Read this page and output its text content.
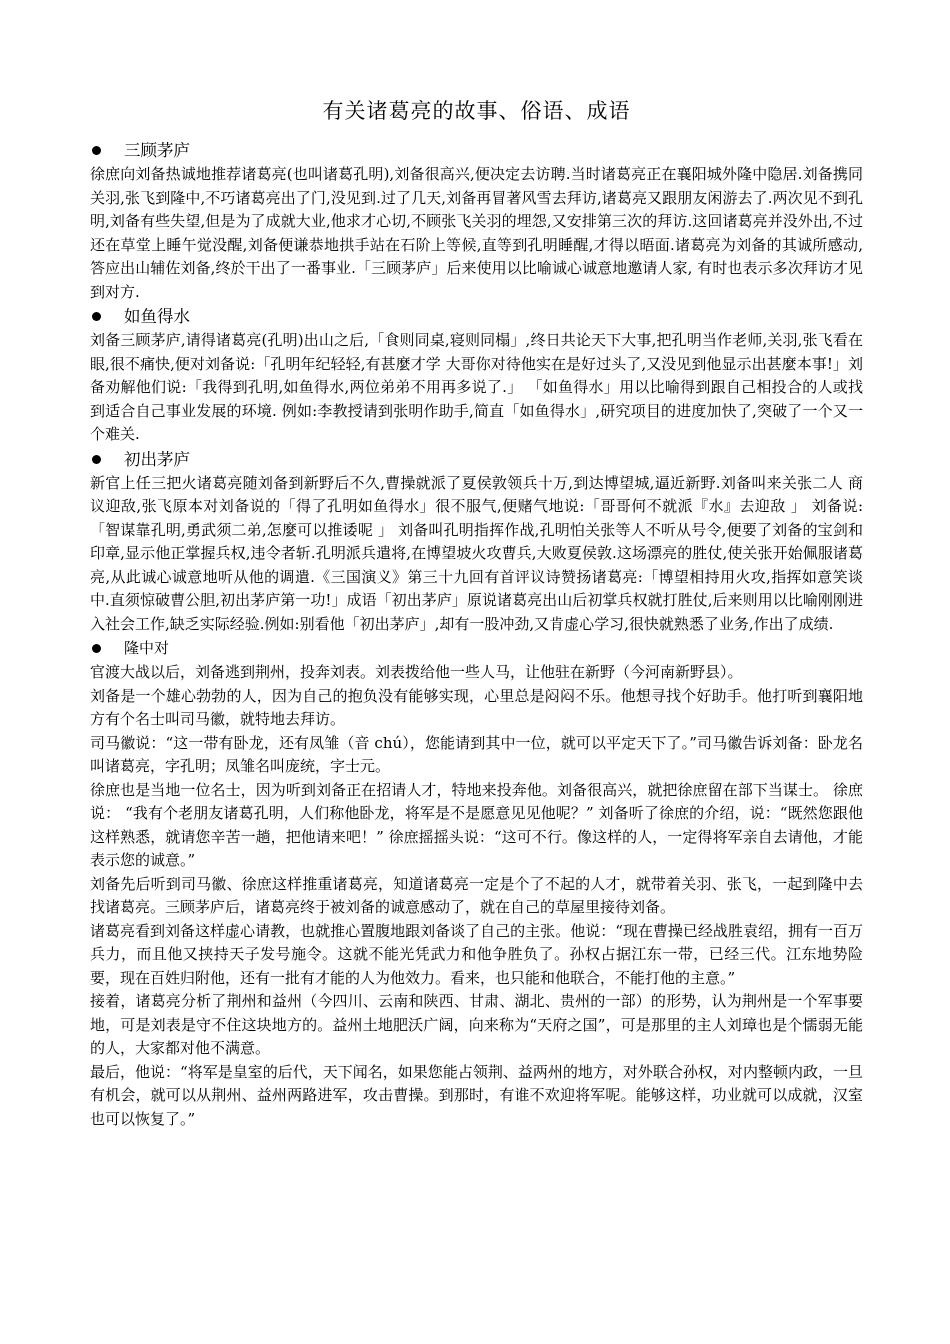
有关诸葛亮的故事、俗语、成语
三顾茅庐

徐庶向刘备热诚地推荐诸葛亮(也叫诸葛孔明),刘备很高兴,便决定去访聘.当时诸葛亮正在襄阳城外隆中隐居.刘备携同关羽,张飞到隆中,不巧诸葛亮出了门,没见到.过了几天,刘备再冒著风雪去拜访,诸葛亮又跟朋友闲游去了.两次见不到孔明,刘备有些失望,但是为了成就大业,他求才心切,不顾张飞关羽的埋怨,又安排第三次的拜访.这回诸葛亮并没外出,不过还在草堂上睡午觉没醒,刘备便谦恭地拱手站在石阶上等候,直等到孔明睡醒,才得以晤面.诸葛亮为刘备的其诚所感动,答应出山辅佐刘备,终於干出了一番事业.「三顾茅庐」后来使用以比喻诚心诚意地邀请人家, 有时也表示多次拜访才见到对方.

如鱼得水

刘备三顾茅庐,请得诸葛亮(孔明)出山之后,「食则同桌,寝则同榻」,终日共论天下大事,把孔明当作老师,关羽,张飞看在眼,很不痛快,便对刘备说:「孔明年纪轻轻,有甚麼才学 大哥你对待他实在是好过头了,又没见到他显示出甚麼本事!」刘备劝解他们说:「我得到孔明,如鱼得水,两位弟弟不用再多说了.」 「如鱼得水」用以比喻得到跟自己相投合的人或找到适合自己事业发展的环境. 例如:李教授请到张明作助手,简直「如鱼得水」,研究项目的进度加快了,突破了一个又一个难关.

初出茅庐

新官上任三把火诸葛亮随刘备到新野后不久,曹操就派了夏侯敦领兵十万,到达博望城,逼近新野.刘备叫来关张二人 商议迎敌,张飞原本对刘备说的「得了孔明如鱼得水」很不服气,便赌气地说:「哥哥何不就派『水』去迎敌 」 刘备说:「智谋靠孔明,勇武须二弟,怎麼可以推诿呢 」 刘备叫孔明指挥作战,孔明怕关张等人不听从号令,便要了刘备的宝剑和印章,显示他正掌握兵权,违令者斩.孔明派兵遣将,在博望坡火攻曹兵,大败夏侯敦.这场漂亮的胜仗,使关张开始佩服诸葛亮,从此诚心诚意地听从他的调遣.《三国演义》第三十九回有首评议诗赞扬诸葛亮:「博望相持用火攻,指挥如意笑谈中.直须惊破曹公胆,初出茅庐第一功!」成语「初出茅庐」原说诸葛亮出山后初掌兵权就打胜仗,后来则用以比喻刚刚进入社会工作,缺乏实际经验.例如:别看他「初出茅庐」,却有一股冲劲,又肯虚心学习,很快就熟悉了业务,作出了成绩.

隆中对

官渡大战以后，刘备逃到荆州，投奔刘表。刘表拨给他一些人马，让他驻在新野（今河南新野县）。

刘备是一个雄心勃勃的人，因为自己的抱负没有能够实现，心里总是闷闷不乐。他想寻找个好助手。他打听到襄阳地方有个名士叫司马徽，就特地去拜访。

司马徽说：“这一带有卧龙，还有凤雏（音 chú），您能请到其中一位，就可以平定天下了。”司马徽告诉刘备：卧龙名叫诸葛亮，字孔明；凤雏名叫庞统，字士元。

徐庶也是当地一位名士，因为听到刘备正在招请人才，特地来投奔他。刘备很高兴，就把徐庶留在部下当谋士。 徐庶说： “我有个老朋友诸葛孔明，人们称他卧龙，将军是不是愿意见见他呢？” 刘备听了徐庶的介绍，说：“既然您跟他这样熟悉，就请您辛苦一趟，把他请来吧！” 徐庶摇摇头说：“这可不行。像这样的人，一定得将军亲自去请他，才能表示您的诚意。”

刘备先后听到司马徽、徐庶这样推重诸葛亮，知道诸葛亮一定是个了不起的人才，就带着关羽、张飞，一起到隆中去找诸葛亮。三顾茅庐后，诸葛亮终于被刘备的诚意感动了，就在自己的草屋里接待刘备。

诸葛亮看到刘备这样虚心请教，也就推心置腹地跟刘备谈了自己的主张。他说：“现在曹操已经战胜袁绍，拥有一百万兵力，而且他又挟持天子发号施令。这就不能光凭武力和他争胜负了。孙权占据江东一带，已经三代。江东地势险要，现在百姓归附他，还有一批有才能的人为他效力。看来，也只能和他联合，不能打他的主意。”

接着，诸葛亮分析了荆州和益州（今四川、云南和陕西、甘肃、湖北、贵州的一部）的形势，认为荆州是一个军事要地，可是刘表是守不住这块地方的。益州土地肥沃广阔，向来称为“天府之国”，可是那里的主人刘璋也是个懦弱无能的人，大家都对他不满意。

最后，他说：“将军是皇室的后代，天下闻名，如果您能占领荆、益两州的地方，对外联合孙权，对内整顿内政，一旦有机会，就可以从荆州、益州两路进军，攻击曹操。到那时，有谁不欢迎将军呢。能够这样，功业就可以成就，汉室也可以恢复了。”
